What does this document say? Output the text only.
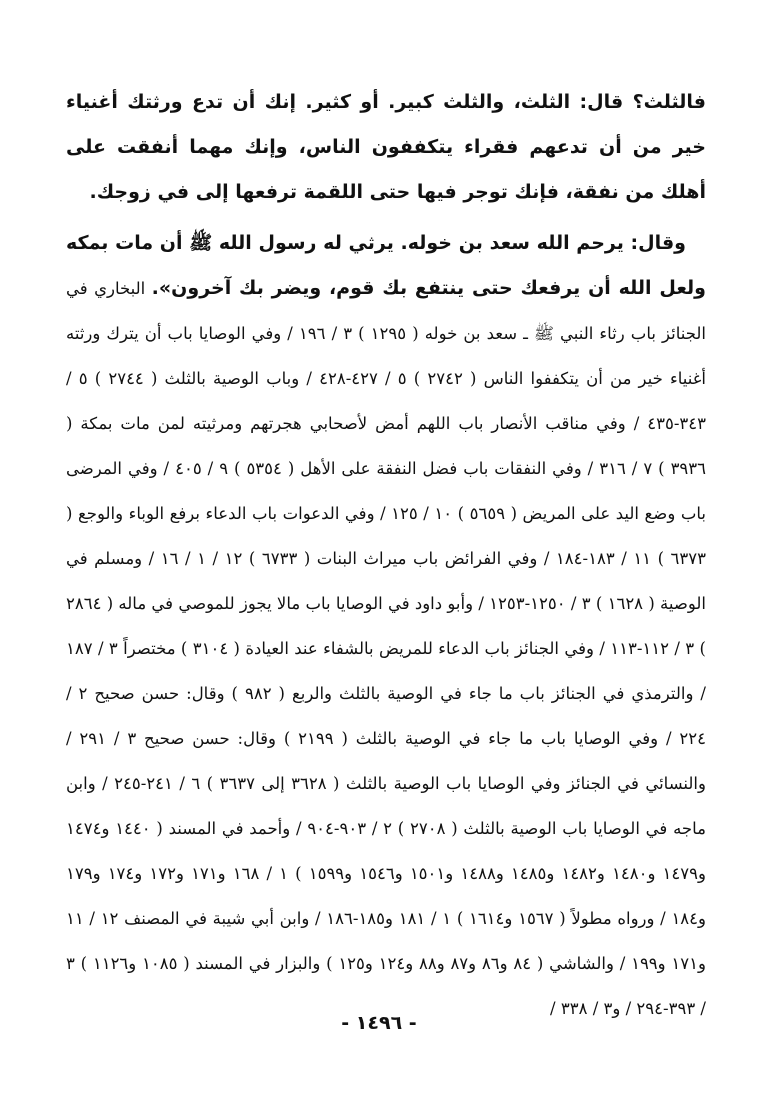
فالثلث؟ قال: الثلث، والثلث كبير. أو كثير. إنك أن تدع ورثتك أغنياء خير من أن تدعهم فقراء يتكففون الناس، وإنك مهما أنفقت على أهلك من نفقة، فإنك توجر فيها حتى اللقمة ترفعها إلى في زوجك.

وقال: يرحم الله سعد بن خوله. يرثي له رسول الله ﷺ أن مات بمكه ولعل الله أن يرفعك حتى ينتفع بك قوم، ويضر بك آخرون». البخاري في الجنائز باب رثاء النبي ﷺ ـ سعد بن خوله ( ١٢٩٥ ) ٣ / ١٩٦ / وفي الوصايا باب أن يترك ورثته أغنياء خير من أن يتكففوا الناس ( ٢٧٤٢ ) ٥ / ٤٢٧-٤٢٨ / وباب الوصية بالثلث ( ٢٧٤٤ ) ٥ / ٣٤٣-٤٣٥ / وفي مناقب الأنصار باب اللهم أمض لأصحابي هجرتهم ومرثيته لمن مات بمكة ( ٣٩٣٦ ) ٧ / ٣١٦ / وفي النفقات باب فضل النفقة على الأهل ( ٥٣٥٤ ) ٩ / ٤٠٥ / وفي المرضى باب وضع اليد على المريض ( ٥٦٥٩ ) ١٠ / ١٢٥ / وفي الدعوات باب الدعاء برفع الوباء والوجع ( ٦٣٧٣ ) ١١ / ١٨٣-١٨٤ / وفي الفرائض باب ميراث البنات ( ٦٧٣٣ ) ١٢ / ١ / ١٦ / ومسلم في الوصية ( ١٦٢٨ ) ٣ / ١٢٥٠-١٢٥٣ / وأبو داود في الوصايا باب مالا يجوز للموصي في ماله ( ٢٨٦٤ ) ٣ / ١١٢-١١٣ / وفي الجنائز باب الدعاء للمريض بالشفاء عند العيادة ( ٣١٠٤ ) مختصراً ٣ / ١٨٧ / والترمذي في الجنائز باب ما جاء في الوصية بالثلث والربع ( ٩٨٢ ) وقال: حسن صحيح ٢ / ٢٢٤ / وفي الوصايا باب ما جاء في الوصية بالثلث ( ٢١٩٩ ) وقال: حسن صحيح ٣ / ٢٩١ / والنسائي في الجنائز وفي الوصايا باب الوصية بالثلث ( ٣٦٢٨ إلى ٣٦٣٧ ) ٦ / ٢٤١-٢٤٥ / وابن ماجه في الوصايا باب الوصية بالثلث ( ٢٧٠٨ ) ٢ / ٩٠٣-٩٠٤ / وأحمد في المسند ( ١٤٤٠ و١٤٧٤ و١٤٧٩ و١٤٨٠ و١٤٨٢ و١٤٨٥ و١٤٨٨ و١٥٠١ و١٥٤٦ و١٥٩٩ ) ١ / ١٦٨ و١٧١ و١٧٢ و١٧٤ و١٧٩ و١٨٤ / ورواه مطولاً ( ١٥٦٧ و١٦١٤ ) ١ / ١٨١ و١٨٥-١٨٦ / وابن أبي شيبة في المصنف ١٢ / ١١ و١٧١ و١٩٩ / والشاشي ( ٨٤ و٨٦ و٨٧ و٨٨ و١٢٤ و١٢٥ ) والبزار في المسند ( ١٠٨٥ و١١٢٦ ) ٣ / ٣٩٣-٢٩٤ / و٣ / ٣٣٨ /

- ١٤٩٦ -
